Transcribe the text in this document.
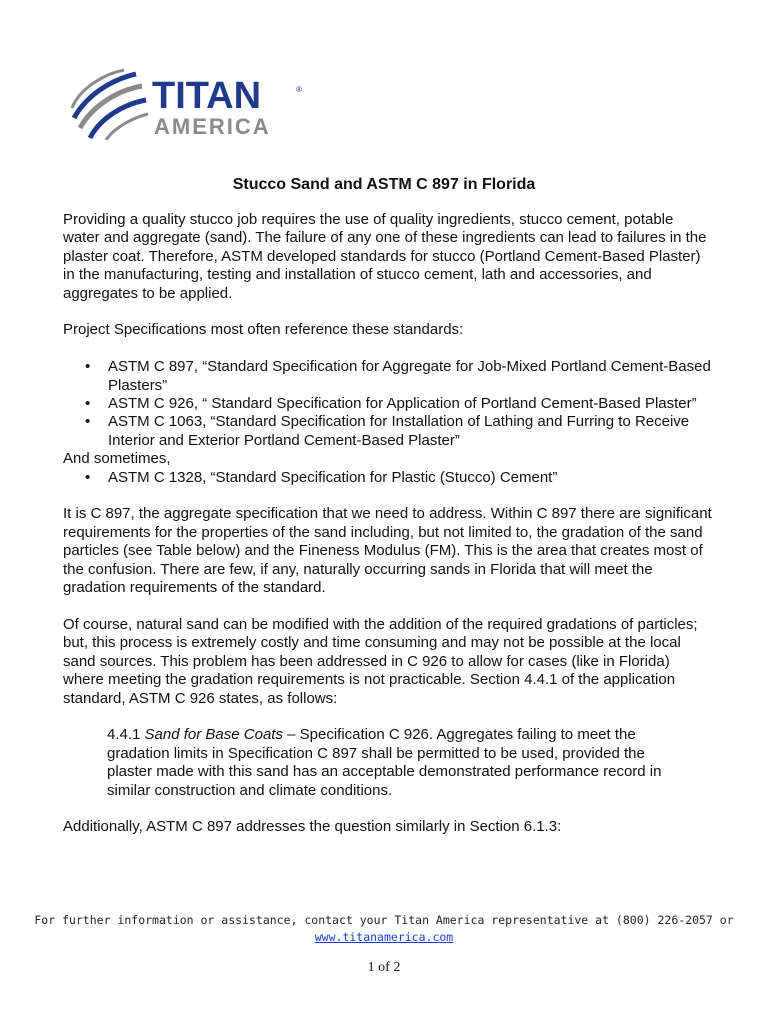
TITAN	®
AMERICA
Stucco Sand and ASTM C 897 in Florida

Providing a quality stucco job requires the use of quality ingredients, stucco cement, potable water and aggregate (sand). The failure of any one of these ingredients can lead to failures in the plaster coat. Therefore, ASTM developed standards for stucco (Portland Cement-Based Plaster) in the manufacturing, testing and installation of stucco cement, lath and accessories, and aggregates to be applied.

Project Specifications most often reference these standards:

• ASTM C 897, “Standard Specification for Aggregate for Job-Mixed Portland Cement-Based Plasters”
• ASTM C 926, “ Standard Specification for Application of Portland Cement-Based Plaster”
• ASTM C 1063, “Standard Specification for Installation of Lathing and Furring to Receive Interior and Exterior Portland Cement-Based Plaster”

And sometimes,

• ASTM C 1328, “Standard Specification for Plastic (Stucco) Cement”

It is C 897, the aggregate specification that we need to address. Within C 897 there are significant requirements for the properties of the sand including, but not limited to, the gradation of the sand particles (see Table below) and the Fineness Modulus (FM). This is the area that creates most of the confusion. There are few, if any, naturally occurring sands in Florida that will meet the gradation requirements of the standard.

Of course, natural sand can be modified with the addition of the required gradations of particles; but, this process is extremely costly and time consuming and may not be possible at the local sand sources. This problem has been addressed in C 926 to allow for cases (like in Florida) where meeting the gradation requirements is not practicable. Section 4.4.1 of the application standard, ASTM C 926 states, as follows:

4.4.1 Sand for Base Coats – Specification C 926. Aggregates failing to meet the gradation limits in Specification C 897 shall be permitted to be used, provided the plaster made with this sand has an acceptable demonstrated performance record in similar construction and climate conditions.

Additionally, ASTM C 897 addresses the question similarly in Section 6.1.3:

For further information or assistance, contact your Titan America representative at (800) 226-2057 or
www.titanamerica.com
1 of 2
